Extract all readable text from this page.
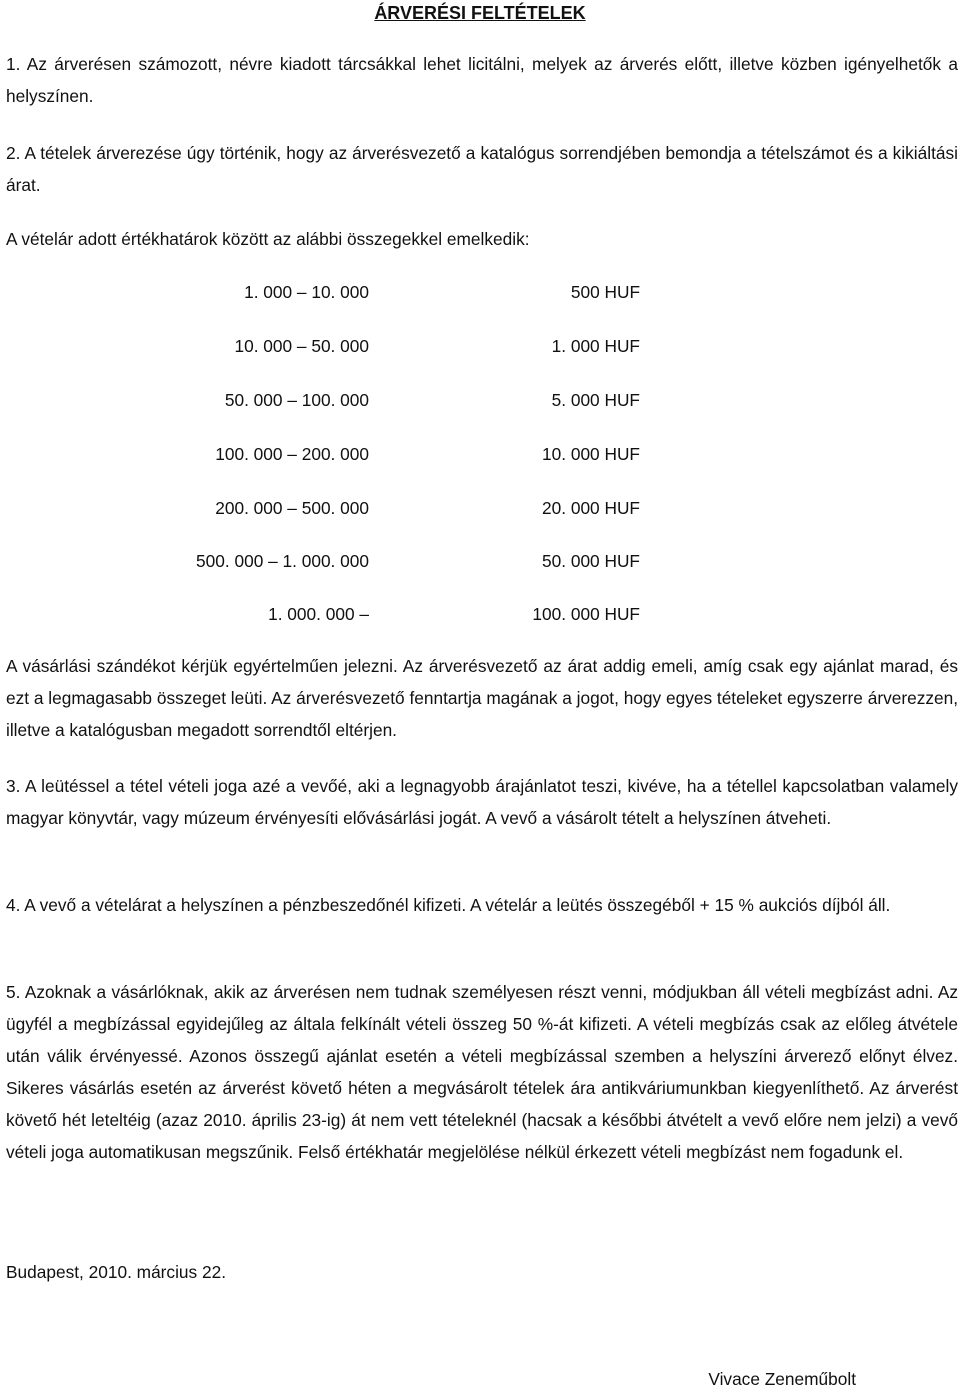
ÁRVERÉSI FELTÉTELEK
1. Az árverésen számozott, névre kiadott tárcsákkal lehet licitálni, melyek az árverés előtt, illetve közben igényelhetők a helyszínen.
2. A tételek árverezése úgy történik, hogy az árverésvezető a katalógus sorrendjében bemondja a tételszámot és a kikiáltási árat.
A vételár adott értékhatárok között az alábbi összegekkel emelkedik:
1. 000 – 10. 000	500 HUF
10. 000 – 50. 000	1. 000 HUF
50. 000 – 100. 000	5. 000 HUF
100. 000 – 200. 000	10. 000 HUF
200. 000 – 500. 000	20. 000 HUF
500. 000 – 1. 000. 000	50. 000 HUF
1. 000. 000 –	100. 000 HUF
A vásárlási szándékot kérjük egyértelműen jelezni. Az árverésvezető az árat addig emeli, amíg csak egy ajánlat marad, és ezt a legmagasabb összeget leüti. Az árverésvezető fenntartja magának a jogot, hogy egyes tételeket egyszerre árverezzen, illetve a katalógusban megadott sorrendtől eltérjen.
3. A leütéssel a tétel vételi joga azé a vevőé, aki a legnagyobb árajánlatot teszi, kivéve, ha a tétellel kapcsolatban valamely magyar könyvtár, vagy múzeum érvényesíti elővásárlási jogát. A vevő a vásárolt tételt a helyszínen átveheti.
4. A vevő a vételárat a helyszínen a pénzbeszedőnél kifizeti. A vételár a leütés összegéből + 15 % aukciós díjból áll.
5. Azoknak a vásárlóknak, akik az árverésen nem tudnak személyesen részt venni, módjukban áll vételi megbízást adni. Az ügyfél a megbízással egyidejűleg az általa felkínált vételi összeg 50 %-át kifizeti. A vételi megbízás csak az előleg átvétele után válik érvényessé. Azonos összegű ajánlat esetén a vételi megbízással szemben a helyszíni árverező előnyt élvez. Sikeres vásárlás esetén az árverést követő héten a megvásárolt tételek ára antikváriumunkban kiegyenlíthető. Az árverést követő hét leteltéig (azaz 2010. április 23-ig) át nem vett tételeknél (hacsak a későbbi átvételt a vevő előre nem jelzi) a vevő vételi joga automatikusan megszűnik. Felső értékhatár megjelölése nélkül érkezett vételi megbízást nem fogadunk el.
Budapest, 2010. március 22.
Vivace Zeneműbolt
